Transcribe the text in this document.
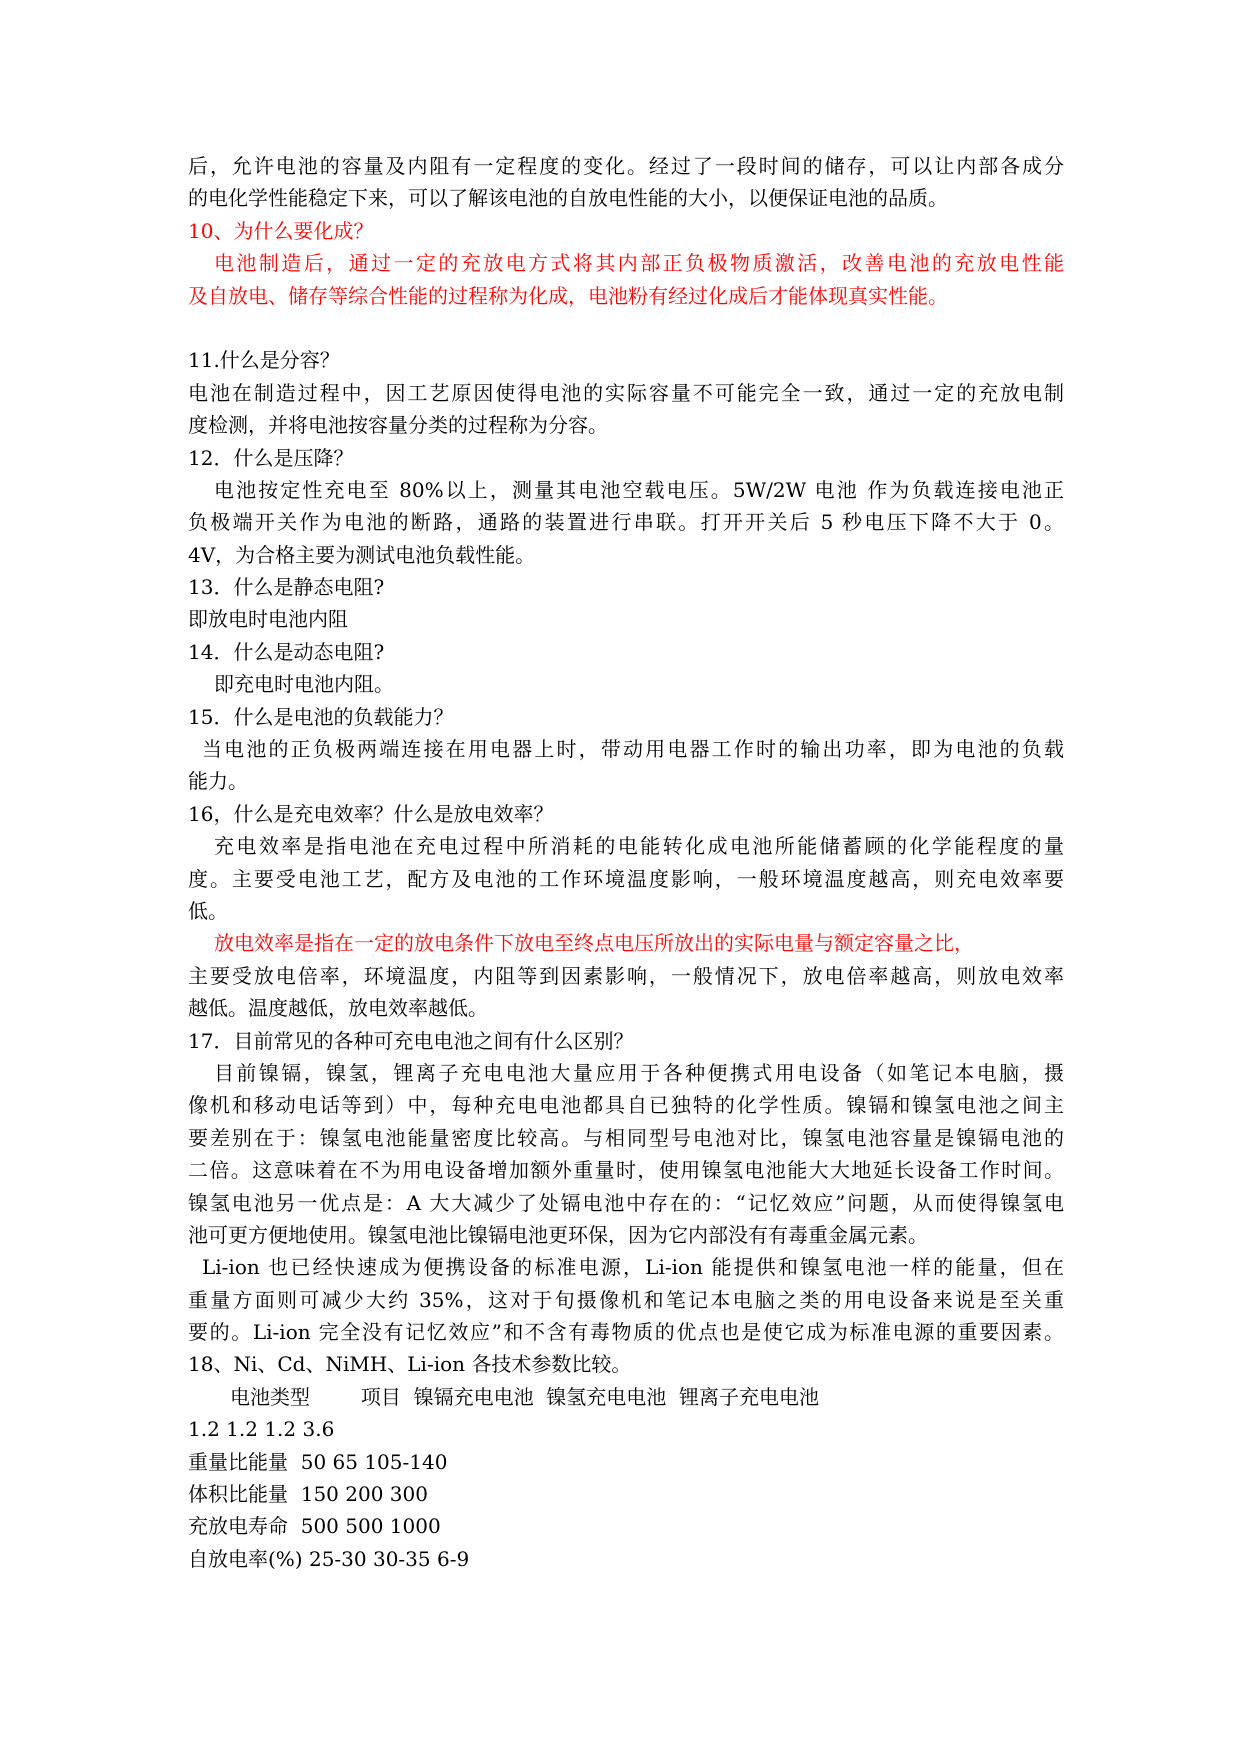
后，允许电池的容量及内阻有一定程度的变化。经过了一段时间的储存，可以让内部各成分
的电化学性能稳定下来，可以了解该电池的自放电性能的大小，以便保证电池的品质。
10、为什么要化成？
电池制造后，通过一定的充放电方式将其内部正负极物质激活，改善电池的充放电性能
及自放电、储存等综合性能的过程称为化成，电池粉有经过化成后才能体现真实性能。
11.什么是分容？
电池在制造过程中，因工艺原因使得电池的实际容量不可能完全一致，通过一定的充放电制
度检测，并将电池按容量分类的过程称为分容。
12．什么是压降？
电池按定性充电至 80%以上，测量其电池空载电压。5W/2W 电池 作为负载连接电池正
负极端开关作为电池的断路，通路的装置进行串联。打开开关后 5 秒电压下降不大于 0。
4V，为合格主要为测试电池负载性能。
13．什么是静态电阻?
即放电时电池内阻
14．什么是动态电阻?
即充电时电池内阻。
15．什么是电池的负载能力？
当电池的正负极两端连接在用电器上时，带动用电器工作时的输出功率，即为电池的负载
能力。
16，什么是充电效率？什么是放电效率？
充电效率是指电池在充电过程中所消耗的电能转化成电池所能储蓄顾的化学能程度的量
度。主要受电池工艺，配方及电池的工作环境温度影响，一般环境温度越高，则充电效率要
低。
放电效率是指在一定的放电条件下放电至终点电压所放出的实际电量与额定容量之比，
主要受放电倍率，环境温度，内阻等到因素影响，一般情况下，放电倍率越高，则放电效率
越低。温度越低，放电效率越低。
17．目前常见的各种可充电电池之间有什么区别？
目前镍镉，镍氢，锂离子充电电池大量应用于各种便携式用电设备（如笔记本电脑，摄
像机和移动电话等到）中，每种充电电池都具自已独特的化学性质。镍镉和镍氢电池之间主
要差别在于：镍氢电池能量密度比较高。与相同型号电池对比，镍氢电池容量是镍镉电池的
二倍。这意味着在不为用电设备增加额外重量时，使用镍氢电池能大大地延长设备工作时间。
镍氢电池另一优点是：A 大大减少了处镉电池中存在的：“记忆效应”问题，从而使得镍氢电
池可更方便地使用。镍氢电池比镍镉电池更环保，因为它内部没有有毒重金属元素。
Li-ion 也已经快速成为便携设备的标准电源，Li-ion 能提供和镍氢电池一样的能量，但在
重量方面则可减少大约 35%，这对于旬摄像机和笔记本电脑之类的用电设备来说是至关重
要的。Li-ion 完全没有记忆效应”和不含有毒物质的优点也是使它成为标准电源的重要因素。
18、Ni、Cd、NiMH、Li-ion 各技术参数比较。
电池类型        项目  镍镉充电电池  镍氢充电电池  锂离子充电电池
1.2 1.2 1.2 3.6
重量比能量  50 65 105-140
体积比能量  150 200 300
充放电寿命  500 500 1000
自放电率(%) 25-30 30-35 6-9
